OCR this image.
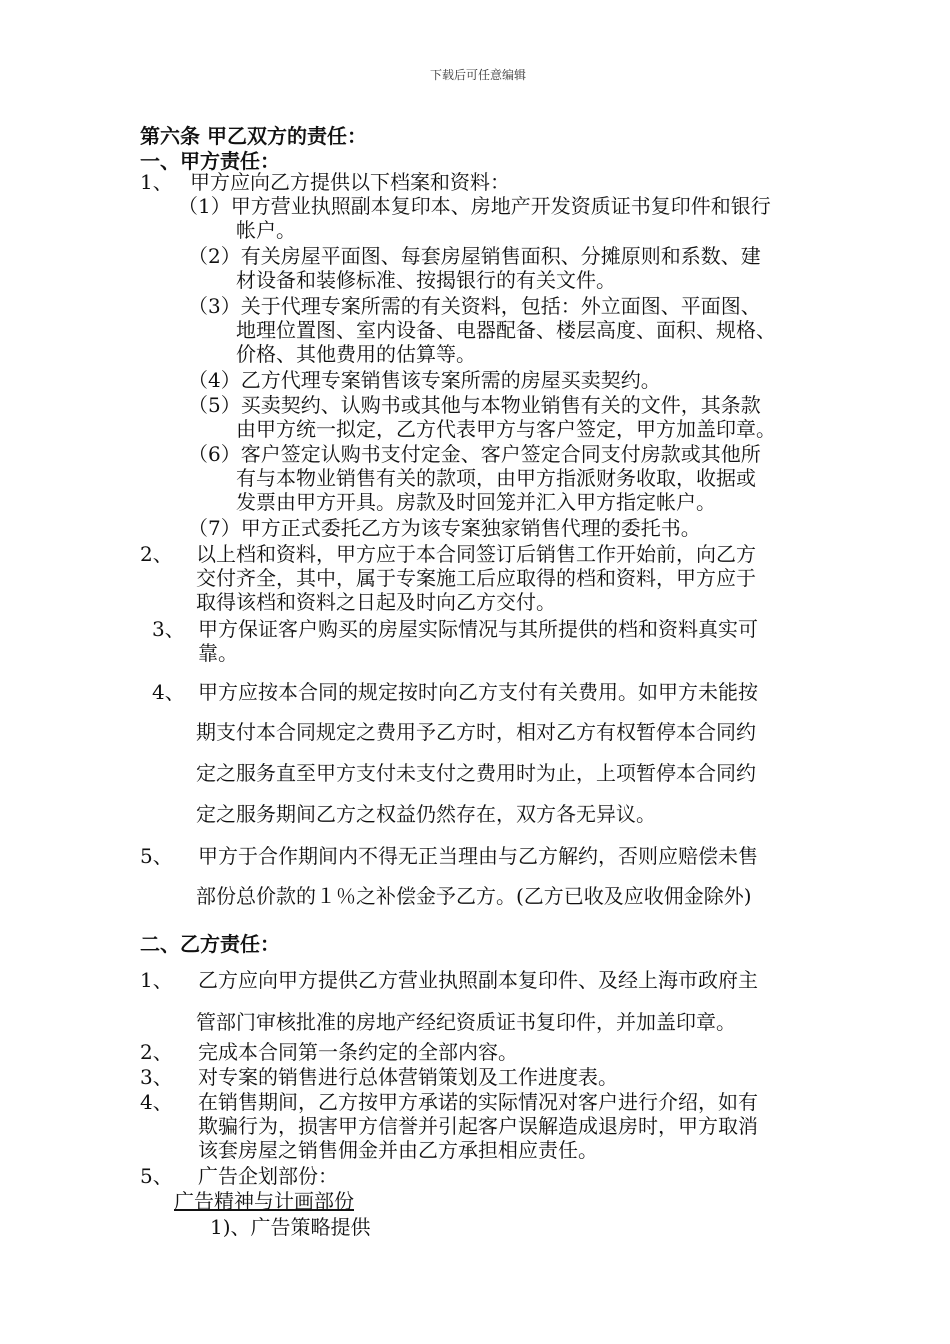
下载后可任意编辑
第六条 甲乙双方的责任：
一、甲方责任：
1、 甲方应向乙方提供以下档案和资料：
（1）甲方营业执照副本复印本、房地产开发资质证书复印件和银行
帐户。
（2）有关房屋平面图、每套房屋销售面积、分摊原则和系数、建
材设备和装修标准、按揭银行的有关文件。
（3）关于代理专案所需的有关资料，包括：外立面图、平面图、
地理位置图、室内设备、电器配备、楼层高度、面积、规格、
价格、其他费用的估算等。
（4）乙方代理专案销售该专案所需的房屋买卖契约。
（5）买卖契约、认购书或其他与本物业销售有关的文件，其条款
由甲方统一拟定，乙方代表甲方与客户签定，甲方加盖印章。
（6）客户签定认购书支付定金、客户签定合同支付房款或其他所
有与本物业销售有关的款项，由甲方指派财务收取，收据或
发票由甲方开具。房款及时回笼并汇入甲方指定帐户。
（7）甲方正式委托乙方为该专案独家销售代理的委托书。
2、 以上档和资料，甲方应于本合同签订后销售工作开始前，向乙方
交付齐全，其中，属于专案施工后应取得的档和资料，甲方应于
取得该档和资料之日起及时向乙方交付。
3、 甲方保证客户购买的房屋实际情况与其所提供的档和资料真实可
靠。
4、 甲方应按本合同的规定按时向乙方支付有关费用。如甲方未能按
期支付本合同规定之费用予乙方时，相对乙方有权暂停本合同约
定之服务直至甲方支付未支付之费用时为止，上项暂停本合同约
定之服务期间乙方之权益仍然存在，双方各无异议。
5、 甲方于合作期间内不得无正当理由与乙方解约，否则应赔偿未售
部份总价款的１％之补偿金予乙方。(乙方已收及应收佣金除外)
二、乙方责任：
1、 乙方应向甲方提供乙方营业执照副本复印件、及经上海市政府主
管部门审核批准的房地产经纪资质证书复印件，并加盖印章。
2、 完成本合同第一条约定的全部内容。
3、 对专案的销售进行总体营销策划及工作进度表。
4、 在销售期间，乙方按甲方承诺的实际情况对客户进行介绍，如有
欺骗行为，损害甲方信誉并引起客户误解造成退房时，甲方取消
该套房屋之销售佣金并由乙方承担相应责任。
5、 广告企划部份：
广告精神与计画部份
1)、广告策略提供
